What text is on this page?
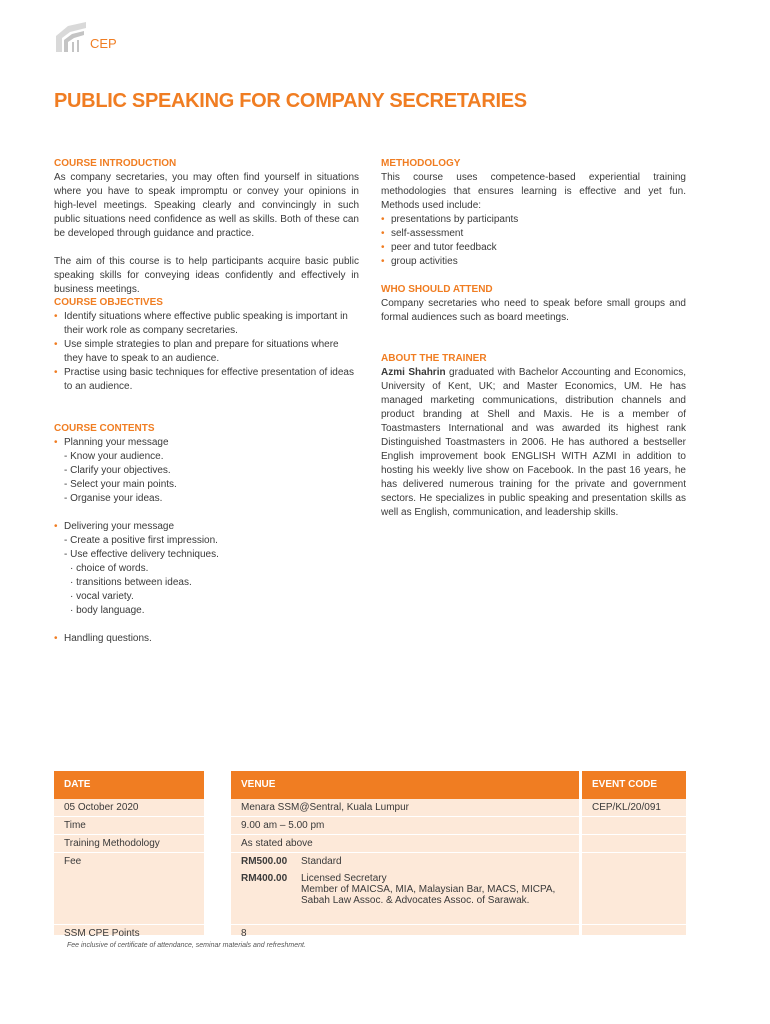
CEP
PUBLIC SPEAKING FOR COMPANY SECRETARIES
COURSE INTRODUCTION

As company secretaries, you may often find yourself in situations where you have to speak impromptu or convey your opinions in high-level meetings. Speaking clearly and convincingly in such public situations need confidence as well as skills. Both of these can be developed through guidance and practice.

The aim of this course is to help participants acquire basic public speaking skills for conveying ideas confidently and effectively in business meetings.

COURSE OBJECTIVES
• Identify situations where effective public speaking is important in their work role as company secretaries.
• Use simple strategies to plan and prepare for situations where they have to speak to an audience.
• Practise using basic techniques for effective presentation of ideas to an audience.
COURSE CONTENTS
• Planning your message
- Know your audience.
- Clarify your objectives.
- Select your main points.
- Organise your ideas.
• Delivering your message
- Create a positive first impression.
- Use effective delivery techniques.
· choice of words.
· transitions between ideas.
· vocal variety.
· body language.
• Handling questions.
METHODOLOGY

This course uses competence-based experiential training methodologies that ensures learning is effective and yet fun. Methods used include:

• presentations by participants
• self-assessment
• peer and tutor feedback
• group activities
WHO SHOULD ATTEND

Company secretaries who need to speak before small groups and formal audiences such as board meetings.

ABOUT THE TRAINER

Azmi Shahrin graduated with Bachelor Accounting and Economics, University of Kent, UK; and Master Economics, UM. He has managed marketing communications, distribution channels and product branding at Shell and Maxis. He is a member of Toastmasters International and was awarded its highest rank Distinguished Toastmasters in 2006. He has authored a bestseller English improvement book ENGLISH WITH AZMI in addition to hosting his weekly live show on Facebook. In the past 16 years, he has delivered numerous training for the private and government sectors. He specializes in public speaking and presentation skills as well as English, communication, and leadership skills.

DATE
05 October 2020
Time
Training Methodology
Fee
SSM CPE Points
VENUE
Menara SSM@Sentral, Kuala Lumpur
9.00 am – 5.00 pm
As stated above
RM500.00	Standard
RM400.00	Licensed Secretary
Member of MAICSA, MIA, Malaysian Bar, MACS, MICPA,
Sabah Law Assoc. & Advocates Assoc. of Sarawak.
8
EVENT CODE
CEP/KL/20/091
Fee inclusive of certificate of attendance, seminar materials and refreshment.
